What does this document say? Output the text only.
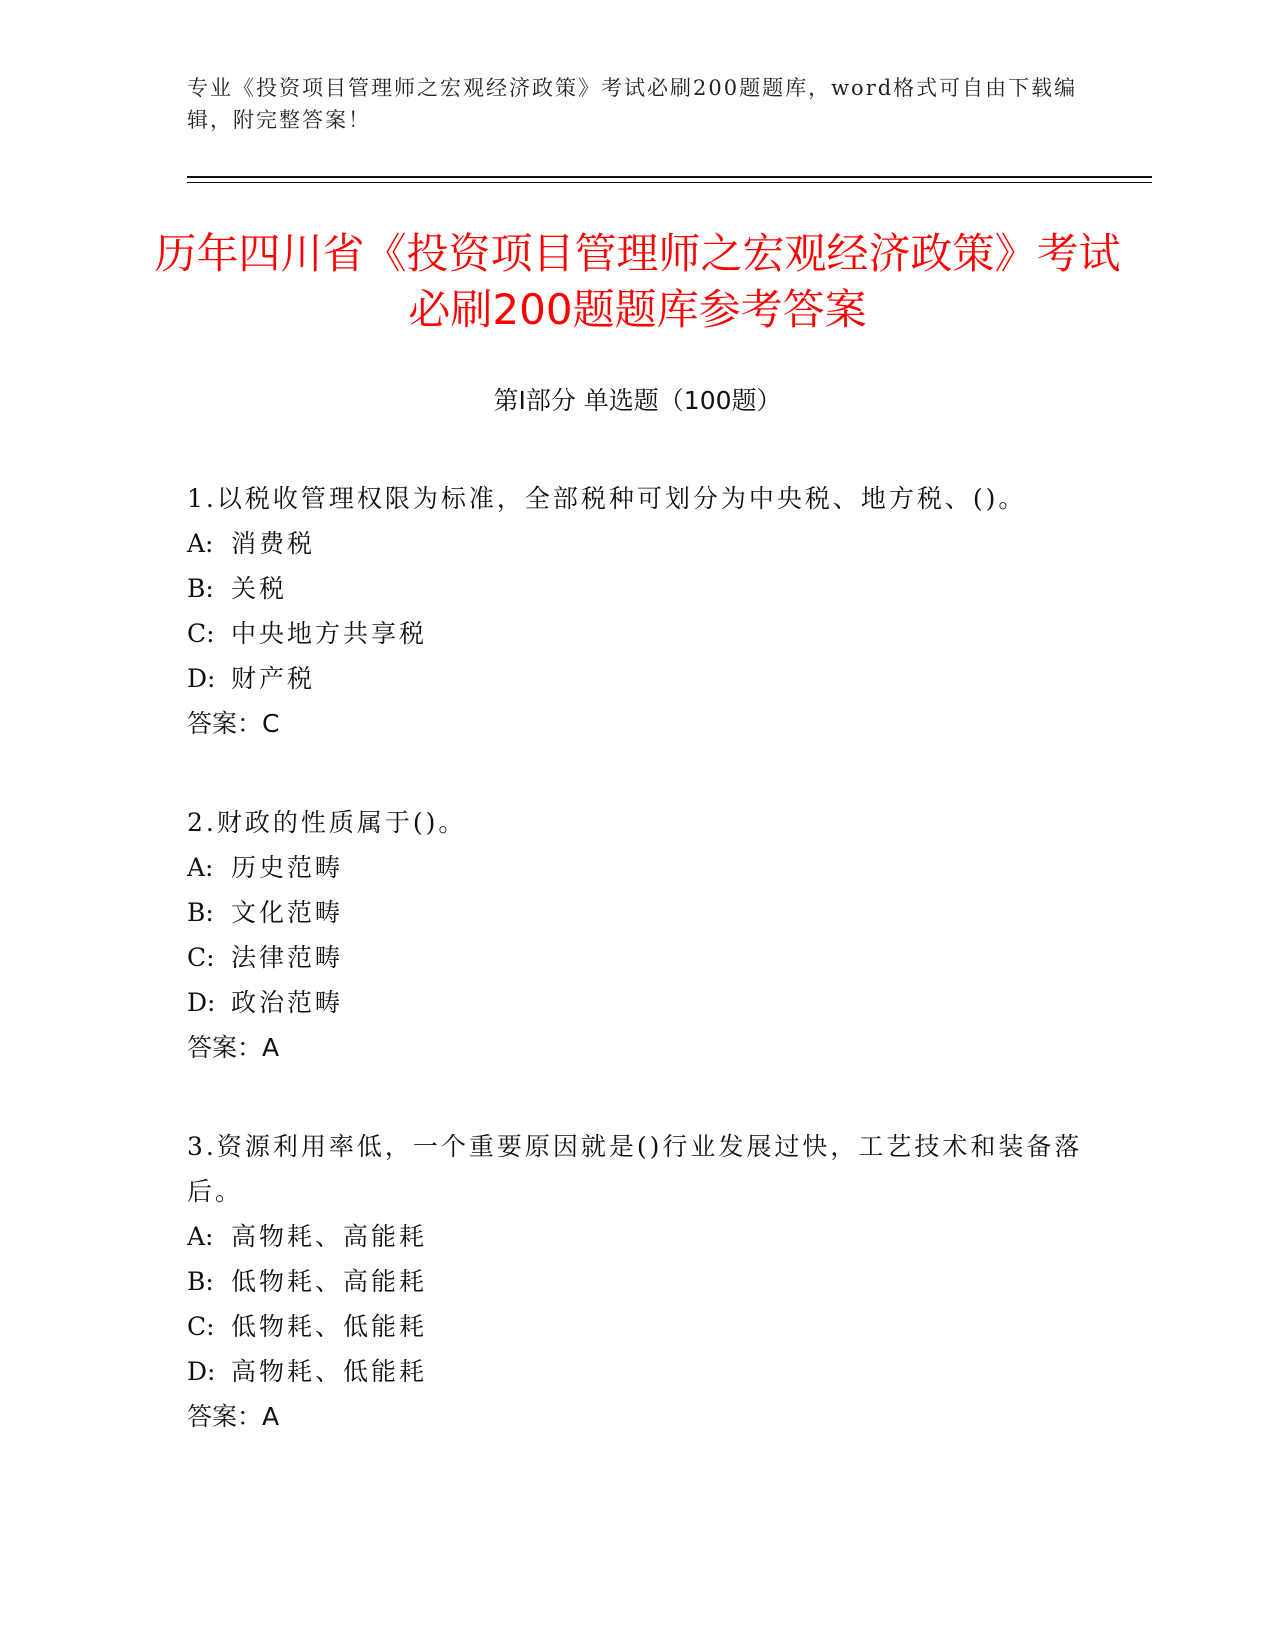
专业《投资项目管理师之宏观经济政策》考试必刷200题题库，word格式可自由下载编辑，附完整答案！
历年四川省《投资项目管理师之宏观经济政策》考试必刷200题题库参考答案
第I部分 单选题（100题）
1.以税收管理权限为标准，全部税种可划分为中央税、地方税、()。
A: 消费税
B: 关税
C: 中央地方共享税
D: 财产税
答案：C
2.财政的性质属于()。
A: 历史范畴
B: 文化范畴
C: 法律范畴
D: 政治范畴
答案：A
3.资源利用率低，一个重要原因就是()行业发展过快，工艺技术和装备落后。
A: 高物耗、高能耗
B: 低物耗、高能耗
C: 低物耗、低能耗
D: 高物耗、低能耗
答案：A
